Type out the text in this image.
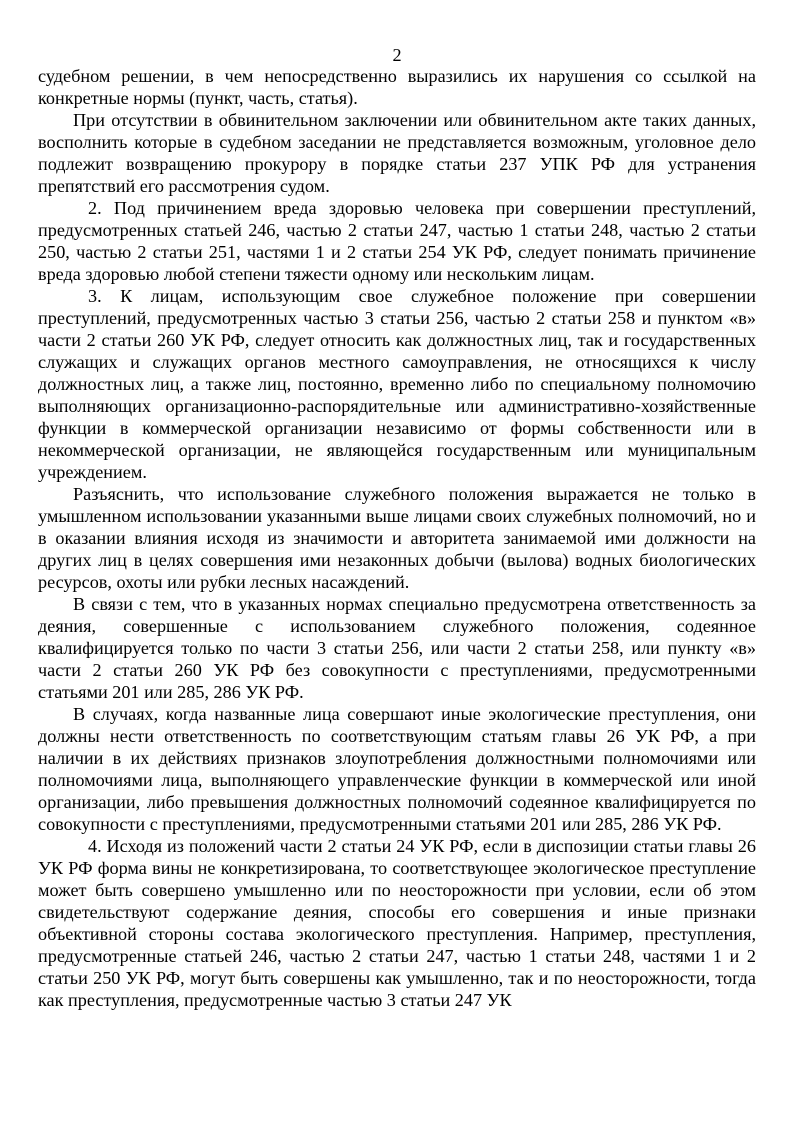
2

судебном решении, в чем непосредственно выразились их нарушения со ссылкой на конкретные нормы (пункт, часть, статья).

При отсутствии в обвинительном заключении или обвинительном акте таких данных, восполнить которые в судебном заседании не представляется возможным, уголовное дело подлежит возвращению прокурору в порядке статьи 237 УПК РФ для устранения препятствий его рассмотрения судом.

2. Под причинением вреда здоровью человека при совершении преступлений, предусмотренных статьей 246, частью 2 статьи 247, частью 1 статьи 248, частью 2 статьи 250, частью 2 статьи 251, частями 1 и 2 статьи 254 УК РФ, следует понимать причинение вреда здоровью любой степени тяжести одному или нескольким лицам.

3. К лицам, использующим свое служебное положение при совершении преступлений, предусмотренных частью 3 статьи 256, частью 2 статьи 258 и пунктом «в» части 2 статьи 260 УК РФ, следует относить как должностных лиц, так и государственных служащих и служащих органов местного самоуправления, не относящихся к числу должностных лиц, а также лиц, постоянно, временно либо по специальному полномочию выполняющих организационно-распорядительные или административно-хозяйственные функции в коммерческой организации независимо от формы собственности или в некоммерческой организации, не являющейся государственным или муниципальным учреждением.

Разъяснить, что использование служебного положения выражается не только в умышленном использовании указанными выше лицами своих служебных полномочий, но и в оказании влияния исходя из значимости и авторитета занимаемой ими должности на других лиц в целях совершения ими незаконных добычи (вылова) водных биологических ресурсов, охоты или рубки лесных насаждений.

В связи с тем, что в указанных нормах специально предусмотрена ответственность за деяния, совершенные с использованием служебного положения, содеянное квалифицируется только по части 3 статьи 256, или части 2 статьи 258, или пункту «в» части 2 статьи 260 УК РФ без совокупности с преступлениями, предусмотренными статьями 201 или 285, 286 УК РФ.

В случаях, когда названные лица совершают иные экологические преступления, они должны нести ответственность по соответствующим статьям главы 26 УК РФ, а при наличии в их действиях признаков злоупотребления должностными полномочиями или полномочиями лица, выполняющего управленческие функции в коммерческой или иной организации, либо превышения должностных полномочий содеянное квалифицируется по совокупности с преступлениями, предусмотренными статьями 201 или 285, 286 УК РФ.

4. Исходя из положений части 2 статьи 24 УК РФ, если в диспозиции статьи главы 26 УК РФ форма вины не конкретизирована, то соответствующее экологическое преступление может быть совершено умышленно или по неосторожности при условии, если об этом свидетельствуют содержание деяния, способы его совершения и иные признаки объективной стороны состава экологического преступления. Например, преступления, предусмотренные статьей 246, частью 2 статьи 247, частью 1 статьи 248, частями 1 и 2 статьи 250 УК РФ, могут быть совершены как умышленно, так и по неосторожности, тогда как преступления, предусмотренные частью 3 статьи 247 УК
